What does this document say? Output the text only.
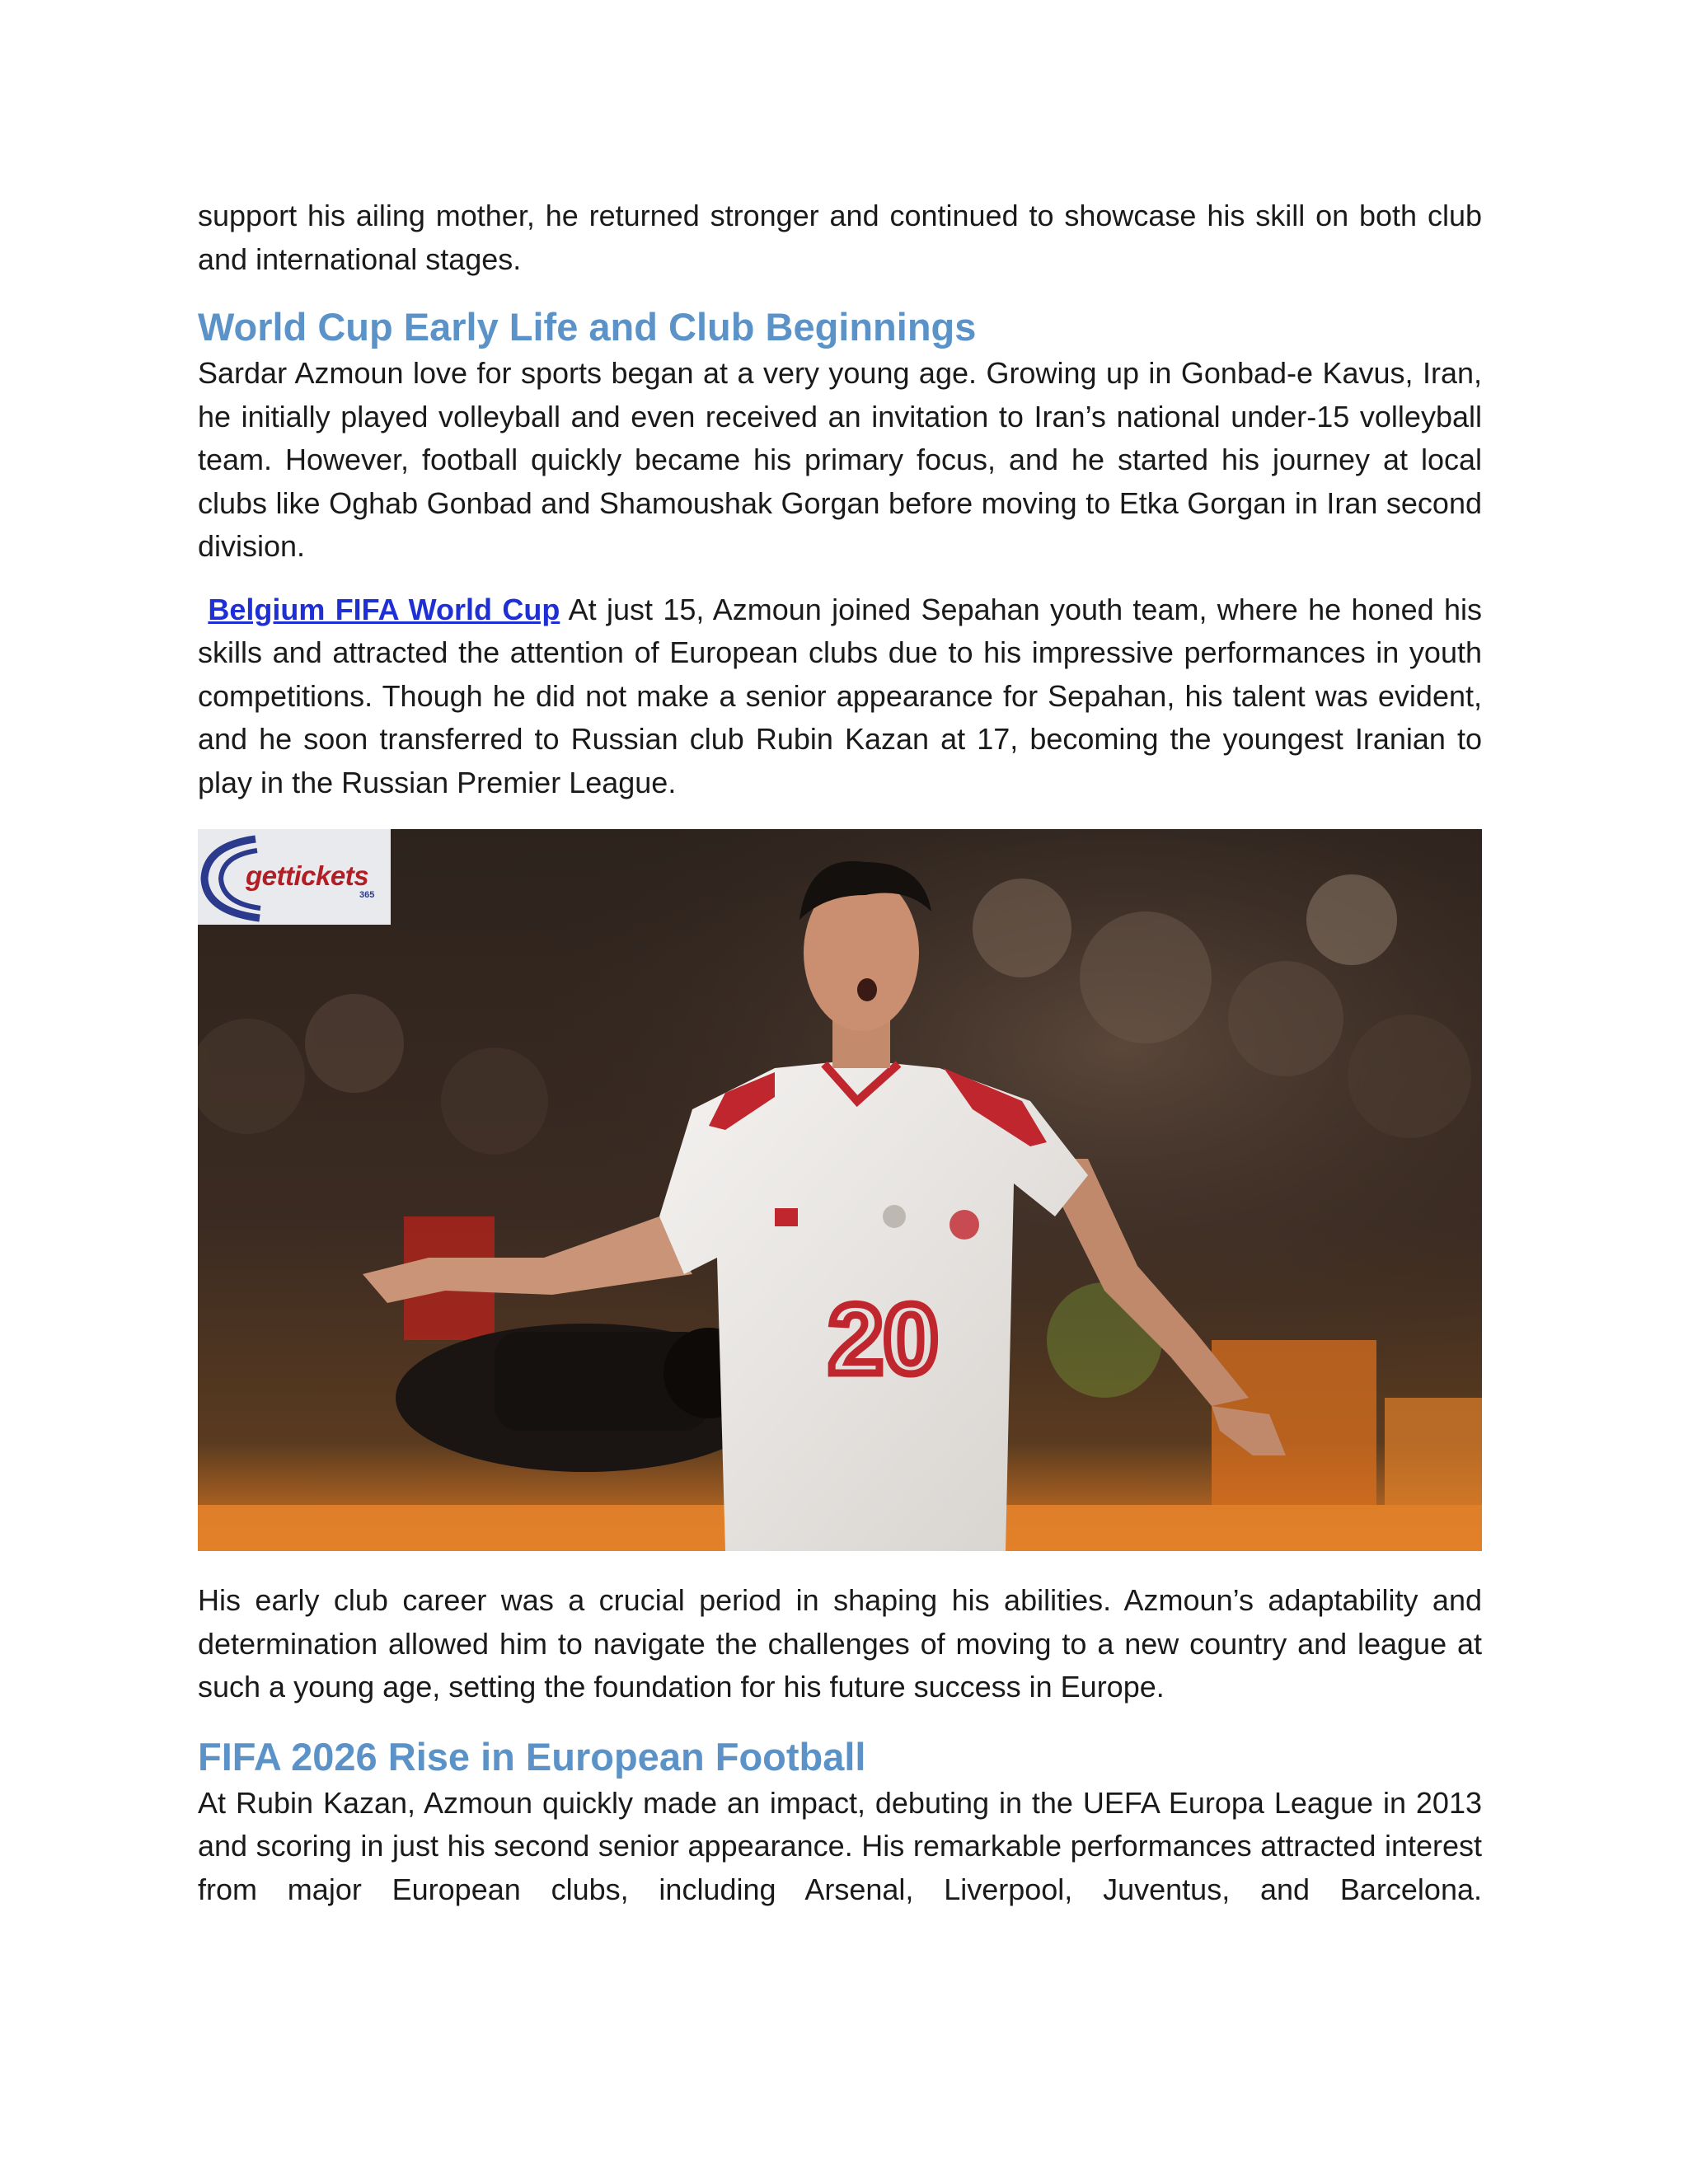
support his ailing mother, he returned stronger and continued to showcase his skill on both club and international stages.

World Cup Early Life and Club Beginnings

Sardar Azmoun love for sports began at a very young age. Growing up in Gonbad-e Kavus, Iran, he initially played volleyball and even received an invitation to Iran’s national under-15 volleyball team. However, football quickly became his primary focus, and he started his journey at local clubs like Oghab Gonbad and Shamoushak Gorgan before moving to Etka Gorgan in Iran second division.

Belgium FIFA World Cup At just 15, Azmoun joined Sepahan youth team, where he honed his skills and attracted the attention of European clubs due to his impressive performances in youth competitions. Though he did not make a senior appearance for Sepahan, his talent was evident, and he soon transferred to Russian club Rubin Kazan at 17, becoming the youngest Iranian to play in the Russian Premier League.

20
gettickets
365

His early club career was a crucial period in shaping his abilities. Azmoun’s adaptability and determination allowed him to navigate the challenges of moving to a new country and league at such a young age, setting the foundation for his future success in Europe.

FIFA 2026 Rise in European Football

At Rubin Kazan, Azmoun quickly made an impact, debuting in the UEFA Europa League in 2013 and scoring in just his second senior appearance. His remarkable performances attracted interest from major European clubs, including Arsenal, Liverpool, Juventus, and Barcelona.
